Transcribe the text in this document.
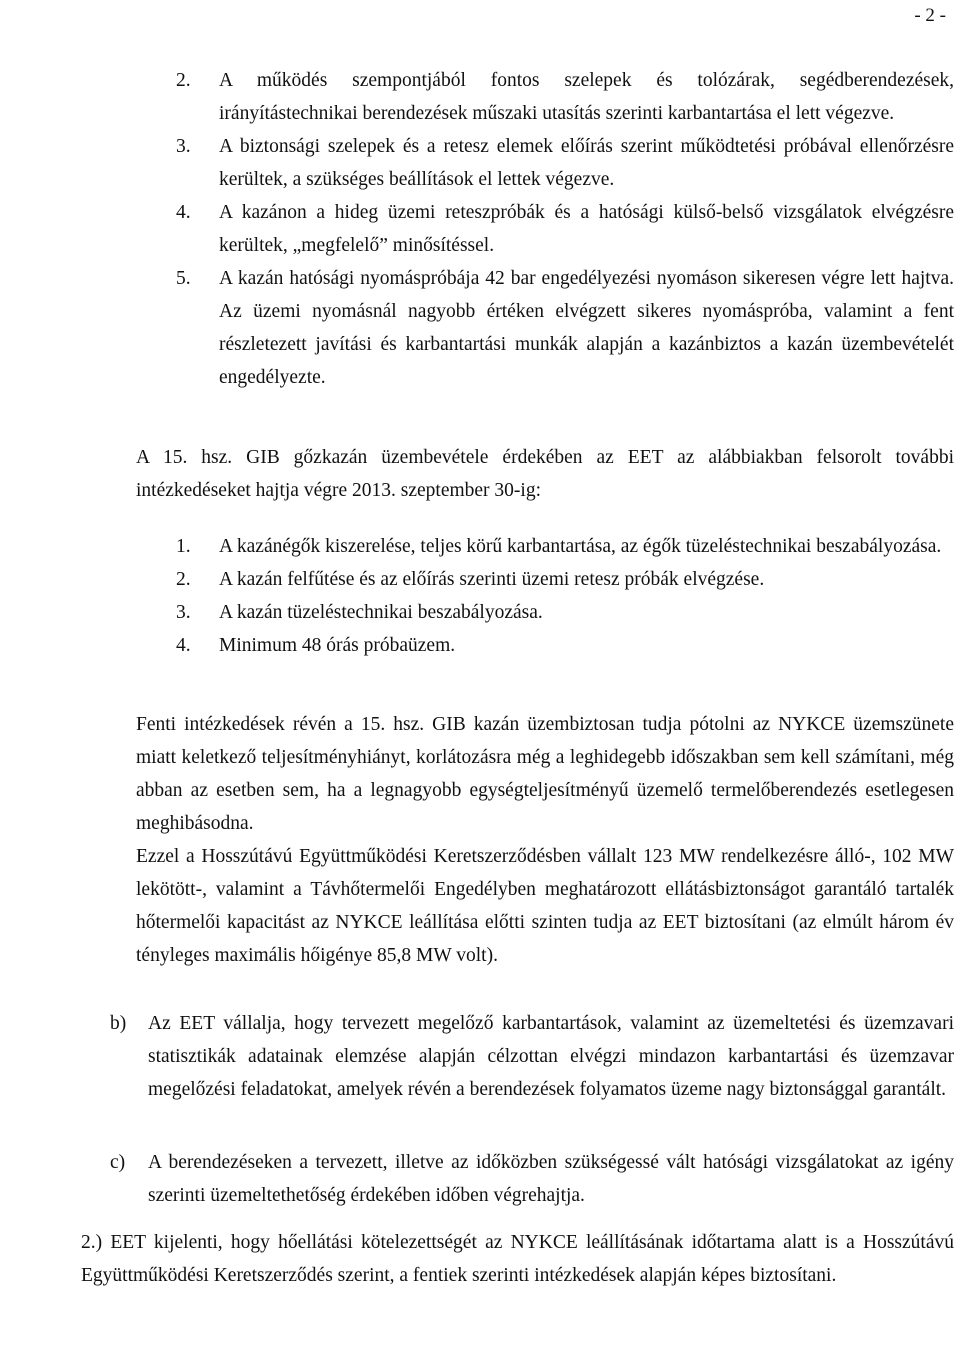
- 2 -
2. A működés szempontjából fontos szelepek és tolózárak, segédberendezések, irányítástechnikai berendezések műszaki utasítás szerinti karbantartása el lett végezve.
3. A biztonsági szelepek és a retesz elemek előírás szerint működtetési próbával ellenőrzésre kerültek, a szükséges beállítások el lettek végezve.
4. A kazánon a hideg üzemi reteszpróbák és a hatósági külső-belső vizsgálatok elvégzésre kerültek, „megfelelő” minősítéssel.
5. A kazán hatósági nyomáspróbája 42 bar engedélyezési nyomáson sikeresen végre lett hajtva. Az üzemi nyomásnál nagyobb értéken elvégzett sikeres nyomáspróba, valamint a fent részletezett javítási és karbantartási munkák alapján a kazánbiztos a kazán üzembevételét engedélyezte.
A 15. hsz. GIB gőzkazán üzembevétele érdekében az EET az alábbiakban felsorolt további intézkedéseket hajtja végre 2013. szeptember 30-ig:
1. A kazánégők kiszerelése, teljes körű karbantartása, az égők tüzeléstechnikai beszabályozása.
2. A kazán felfűtése és az előírás szerinti üzemi retesz próbák elvégzése.
3. A kazán tüzeléstechnikai beszabályozása.
4. Minimum 48 órás próbaüzem.

Fenti intézkedések révén a 15. hsz. GIB kazán üzembiztosan tudja pótolni az NYKCE üzemszünete miatt keletkező teljesítményhiányt, korlátozásra még a leghidegebb időszakban sem kell számítani, még abban az esetben sem, ha a legnagyobb egységteljesítményű üzemelő termelőberendezés esetlegesen meghibásodna.

Ezzel a Hosszútávú Együttműködési Keretszerződésben vállalt 123 MW rendelkezésre álló-, 102 MW lekötött-, valamint a Távhőtermelői Engedélyben meghatározott ellátásbiztonságot garantáló tartalék hőtermelői kapacitást az NYKCE leállítása előtti szinten tudja az EET biztosítani (az elmúlt három év tényleges maximális hőigénye 85,8 MW volt).

b) Az EET vállalja, hogy tervezett megelőző karbantartások, valamint az üzemeltetési és üzemzavari statisztikák adatainak elemzése alapján célzottan elvégzi mindazon karbantartási és üzemzavar megelőzési feladatokat, amelyek révén a berendezések folyamatos üzeme nagy biztonsággal garantált.
c) A berendezéseken a tervezett, illetve az időközben szükségessé vált hatósági vizsgálatokat az igény szerinti üzemeltethetőség érdekében időben végrehajtja.
2.) EET kijelenti, hogy hőellátási kötelezettségét az NYKCE leállításának időtartama alatt is a Hosszútávú Együttműködési Keretszerződés szerint, a fentiek szerinti intézkedések alapján képes biztosítani.
